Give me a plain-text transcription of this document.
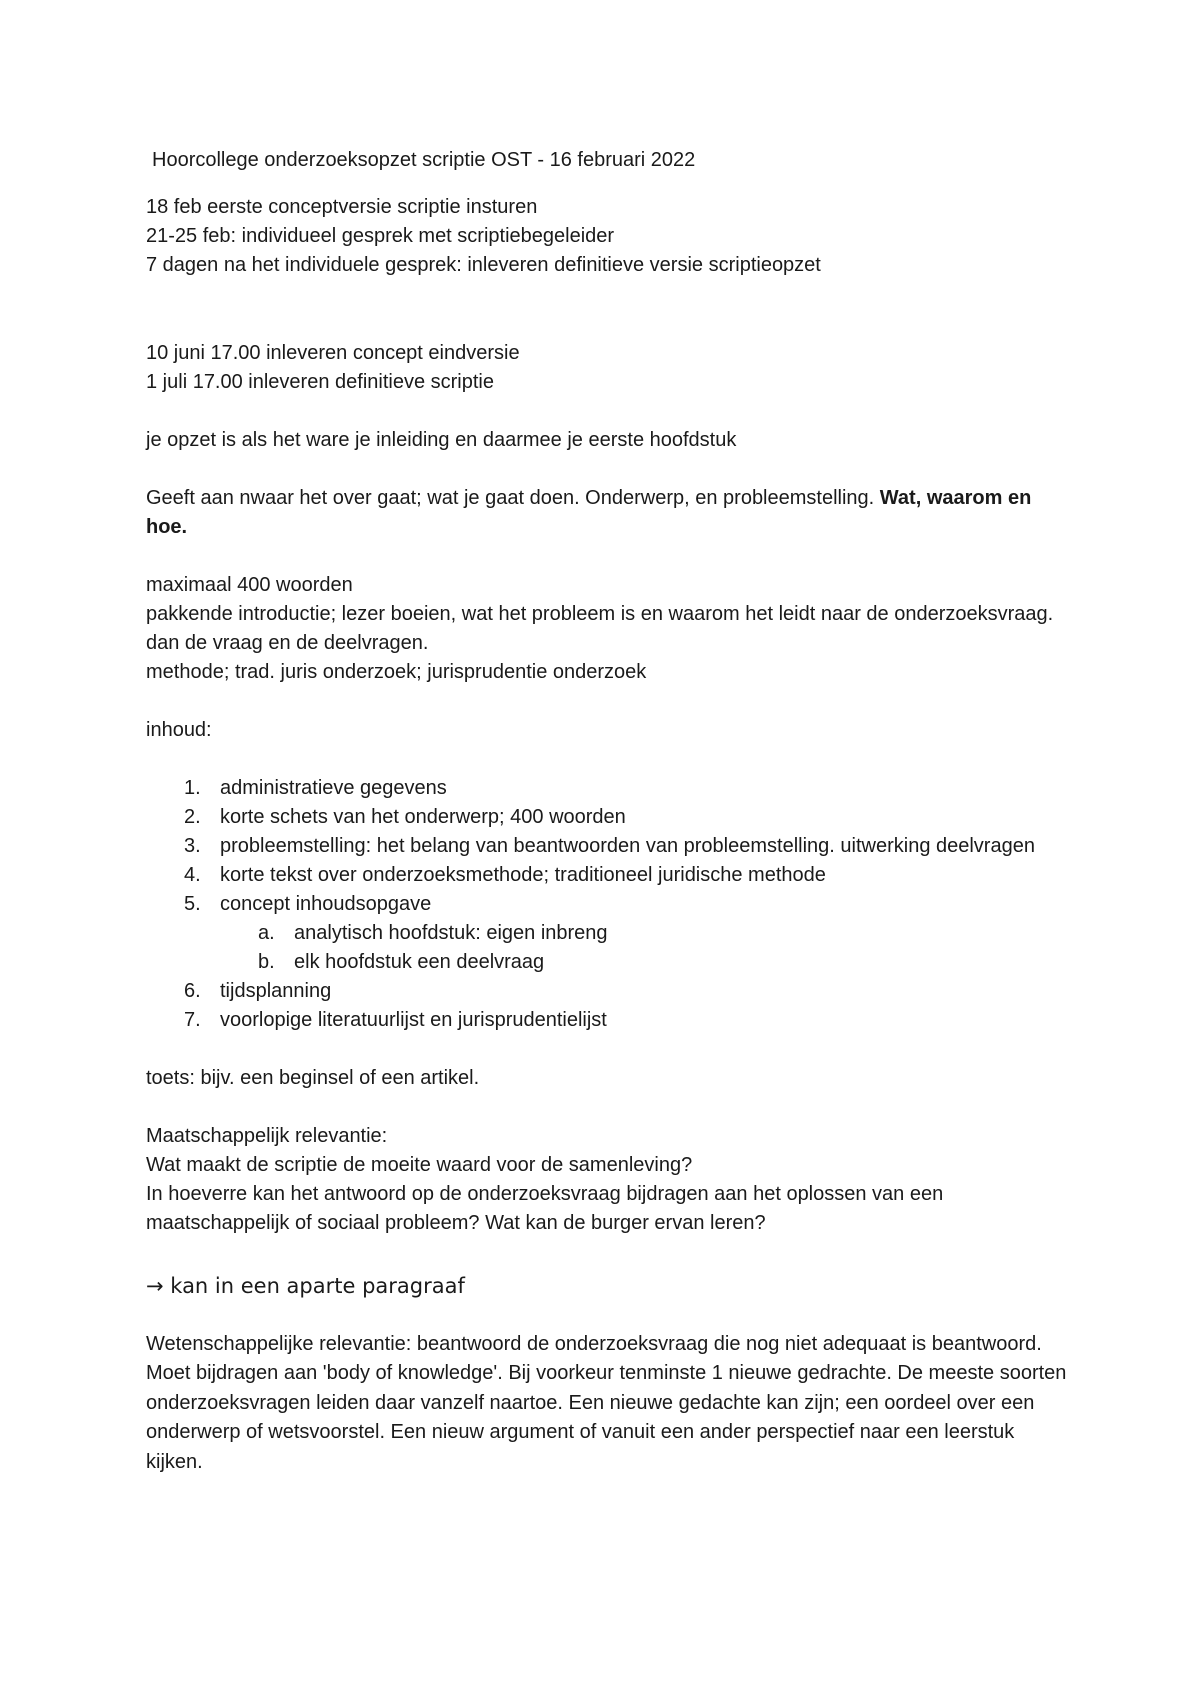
Hoorcollege onderzoeksopzet scriptie OST - 16 februari 2022

18 feb eerste conceptversie scriptie insturen

21-25 feb: individueel gesprek met scriptiebegeleider

7 dagen na het individuele gesprek: inleveren definitieve versie scriptieopzet

10 juni 17.00 inleveren concept eindversie

1 juli 17.00 inleveren definitieve scriptie

je opzet is als het ware je inleiding en daarmee je eerste hoofdstuk

Geeft aan nwaar het over gaat; wat je gaat doen. Onderwerp, en probleemstelling. Wat, waarom en hoe.

maximaal 400 woorden

pakkende introductie; lezer boeien, wat het probleem is en waarom het leidt naar de onderzoeksvraag. dan de vraag en de deelvragen.

methode; trad. juris onderzoek; jurisprudentie onderzoek

inhoud:

1. administratieve gegevens
2. korte schets van het onderwerp; 400 woorden
3. probleemstelling: het belang van beantwoorden van probleemstelling. uitwerking deelvragen
4. korte tekst over onderzoeksmethode; traditioneel juridische methode
5. concept inhoudsopgave
a. analytisch hoofdstuk: eigen inbreng
b. elk hoofdstuk een deelvraag
6. tijdsplanning
7. voorlopige literatuurlijst en jurisprudentielijst

toets: bijv. een beginsel of een artikel.

Maatschappelijk relevantie:

Wat maakt de scriptie de moeite waard voor de samenleving?

In hoeverre kan het antwoord op de onderzoeksvraag bijdragen aan het oplossen van een maatschappelijk of sociaal probleem? Wat kan de burger ervan leren?

→ kan in een aparte paragraaf

Wetenschappelijke relevantie: beantwoord de onderzoeksvraag die nog niet adequaat is beantwoord. Moet bijdragen aan 'body of knowledge'. Bij voorkeur tenminste 1 nieuwe gedrachte. De meeste soorten onderzoeksvragen leiden daar vanzelf naartoe. Een nieuwe gedachte kan zijn; een oordeel over een onderwerp of wetsvoorstel. Een nieuw argument of vanuit een ander perspectief naar een leerstuk kijken.
